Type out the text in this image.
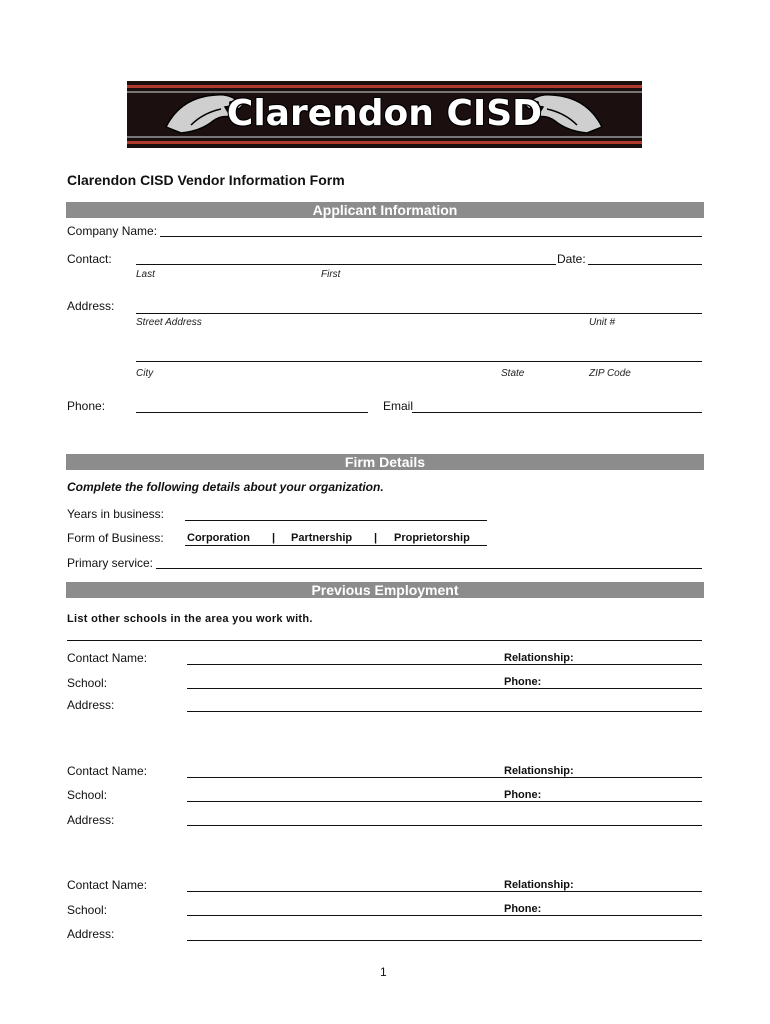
Clarendon CISD
Clarendon CISD Vendor Information Form
Applicant Information
Company Name:
Contact:	Date:
Last	First
Address:
Street Address	Unit #
City	State	ZIP Code
Phone:	Email
Firm Details
Complete the following details about your organization.
Years in business:
Form of Business: Corporation | Partnership | Proprietorship
Primary service:
Previous Employment
List other schools in the area you work with.
Contact Name:	Relationship:
School:	Phone:
Address:
Contact Name:	Relationship:
School:	Phone:
Address:
Contact Name:	Relationship:
School:	Phone:
Address:
1
